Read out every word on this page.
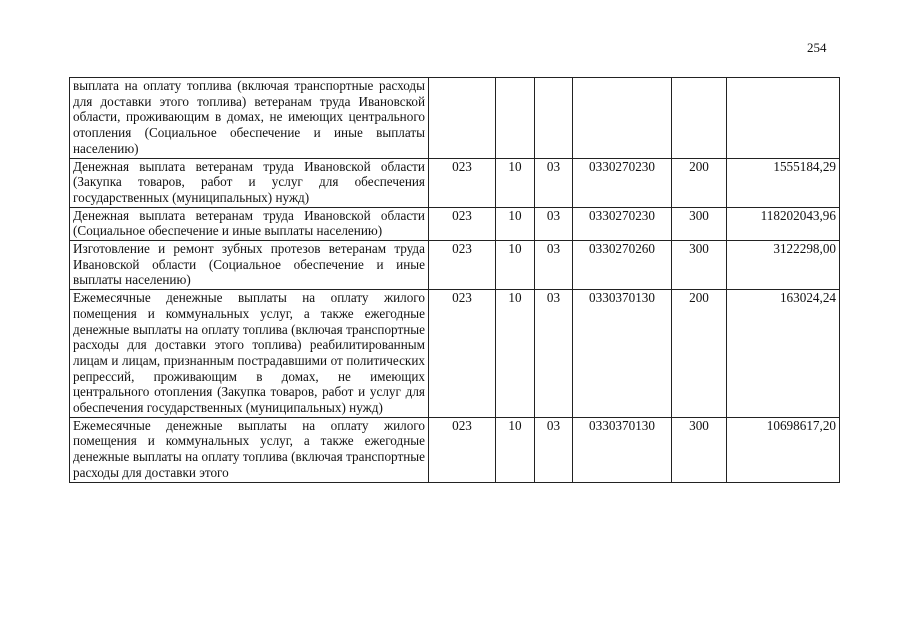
254
выплата на оплату топлива (включая транспортные расходы для доставки этого топлива) ветеранам труда Ивановской области, проживающим в домах, не имеющих центрального отопления (Социальное обеспечение и иные выплаты населению)						
Денежная выплата ветеранам труда Ивановской области (Закупка товаров, работ и услуг для обеспечения государственных (муниципальных) нужд)	023	10	03	0330270230	200	1555184,29
Денежная выплата ветеранам труда Ивановской области (Социальное обеспечение и иные выплаты населению)	023	10	03	0330270230	300	118202043,96
Изготовление и ремонт зубных протезов ветеранам труда Ивановской области (Социальное обеспечение и иные выплаты населению)	023	10	03	0330270260	300	3122298,00
Ежемесячные денежные выплаты на оплату жилого помещения и коммунальных услуг, а также ежегодные денежные выплаты на оплату топлива (включая транспортные расходы для доставки этого топлива) реабилитированным лицам и лицам, признанным пострадавшими от политических репрессий, проживающим в домах, не имеющих центрального отопления (Закупка товаров, работ и услуг для обеспечения государственных (муниципальных) нужд)	023	10	03	0330370130	200	163024,24
Ежемесячные денежные выплаты на оплату жилого помещения и коммунальных услуг, а также ежегодные денежные выплаты на оплату топлива (включая транспортные расходы для доставки этого	023	10	03	0330370130	300	10698617,20
